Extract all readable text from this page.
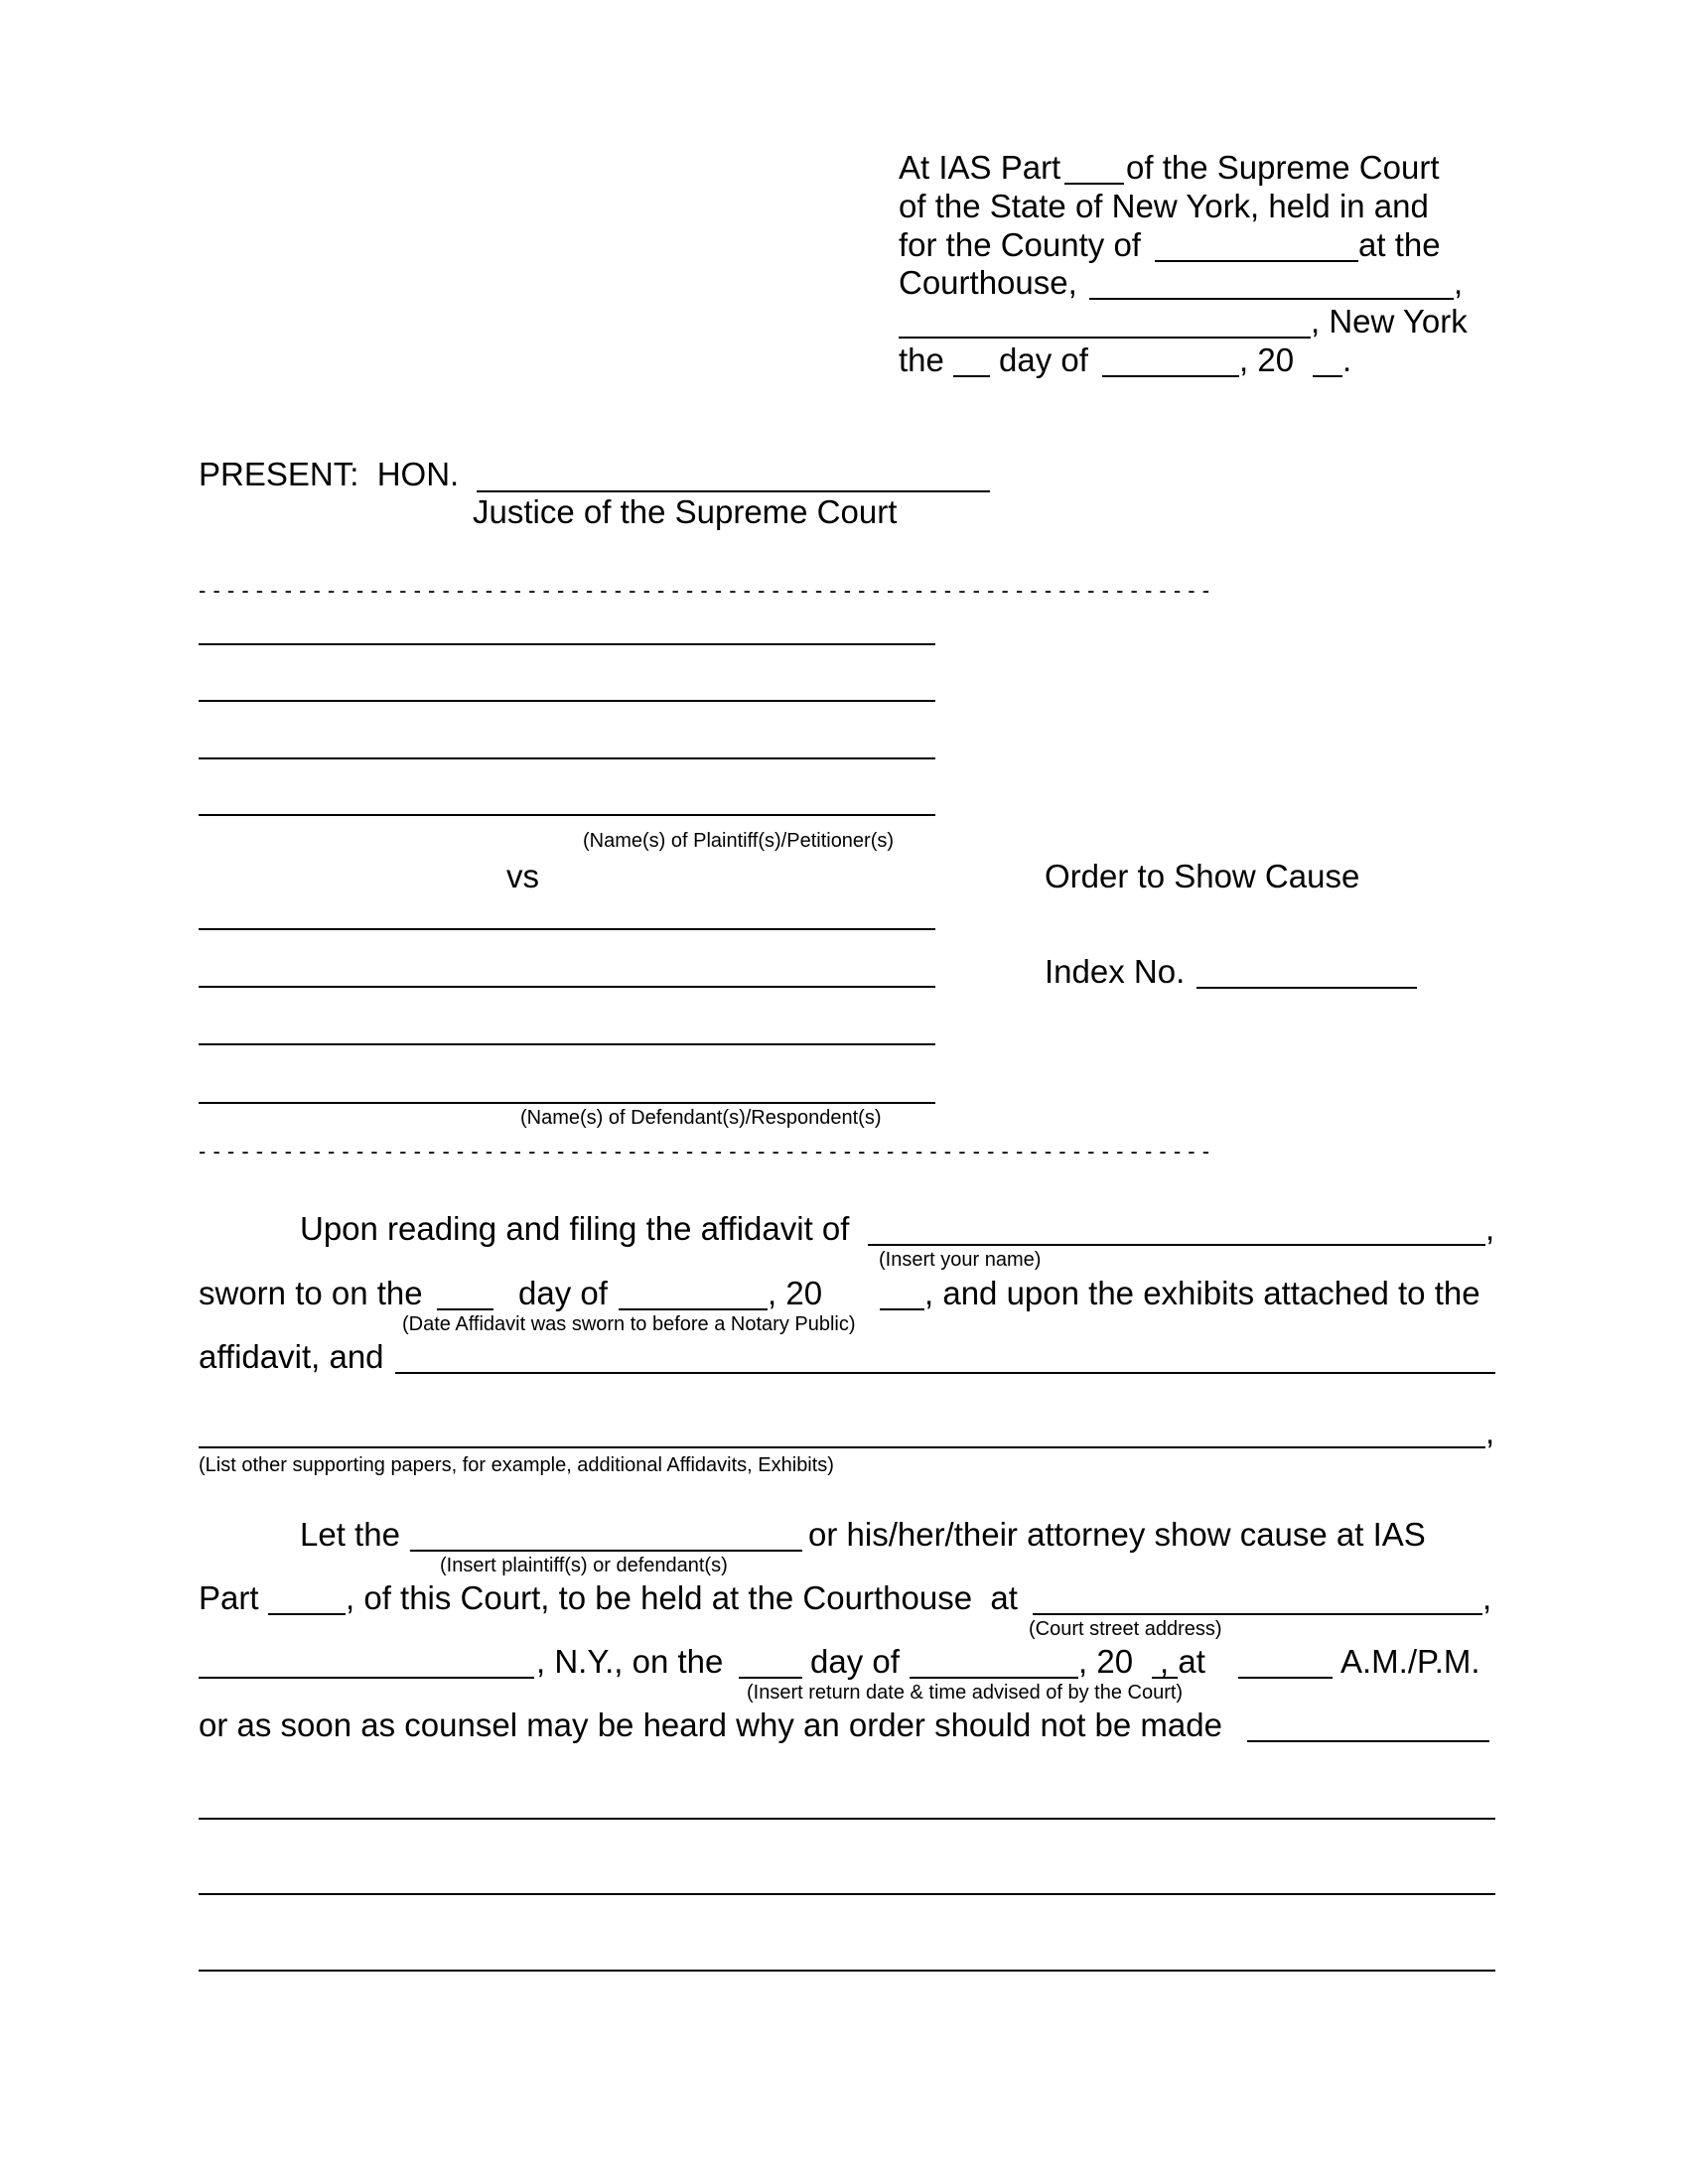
At IAS Part of the Supreme Court
of the State of New York, held in and
for the County of	at the
Courthouse,	,
, New York
the day of	, 20 .
PRESENT:  HON.
Justice of the Supreme Court
- - - - - - - - - - - - - - - - - - - - - - - - - - - - - - - - - - - - - - - - - - - - - - - - - - - - - - - - - - - - - - - - - - - - - - -
(Name(s) of Plaintiff(s)/Petitioner(s)
vs
(Name(s) of Defendant(s)/Respondent(s)
- - - - - - - - - - - - - - - - - - - - - - - - - - - - - - - - - - - - - - - - - - - - - - - - - - - - - - - - - - - - - - - - - - - - - - -
Order to Show Cause
Index No.
Upon reading and filing the affidavit of	,
(Insert your name)
sworn to on the	day of	, 20	, and upon the exhibits attached to the
(Date Affidavit was sworn to before a Notary Public)
affidavit, and
,
(List other supporting papers, for example, additional Affidavits, Exhibits)
Let the	or his/her/their attorney show cause at IAS
(Insert plaintiff(s) or defendant(s)
Part	, of this Court, to be held at the Courthouse  at	,
(Court street address)
, N.Y., on the	day of	, 20 , at	A.M./P.M.
(Insert return date & time advised of by the Court)
or as soon as counsel may be heard why an order should not be made
